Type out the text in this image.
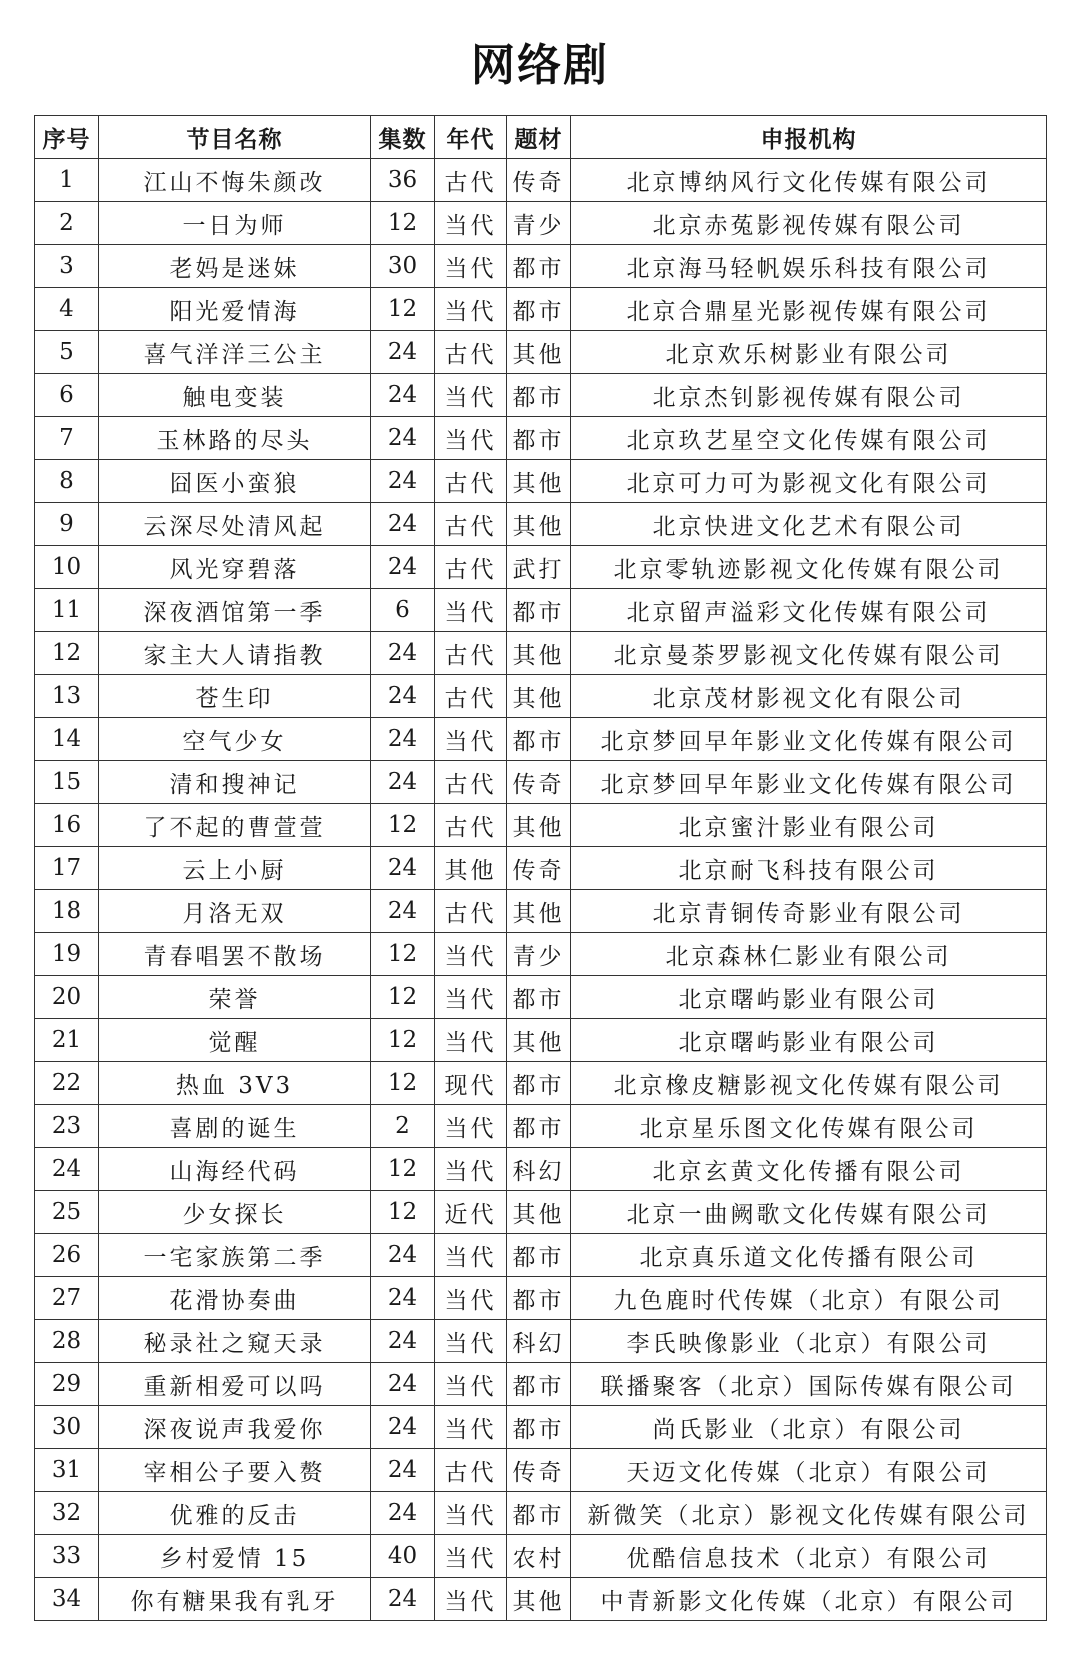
网络剧
序号	节目名称	集数	年代	题材	申报机构
1	江山不悔朱颜改	36	古代	传奇	北京博纳风行文化传媒有限公司
2	一日为师	12	当代	青少	北京赤菟影视传媒有限公司
3	老妈是迷妹	30	当代	都市	北京海马轻帆娱乐科技有限公司
4	阳光爱情海	12	当代	都市	北京合鼎星光影视传媒有限公司
5	喜气洋洋三公主	24	古代	其他	北京欢乐树影业有限公司
6	触电变装	24	当代	都市	北京杰钊影视传媒有限公司
7	玉林路的尽头	24	当代	都市	北京玖艺星空文化传媒有限公司
8	囧医小蛮狼	24	古代	其他	北京可力可为影视文化有限公司
9	云深尽处清风起	24	古代	其他	北京快进文化艺术有限公司
10	风光穿碧落	24	古代	武打	北京零轨迹影视文化传媒有限公司
11	深夜酒馆第一季	6	当代	都市	北京留声溢彩文化传媒有限公司
12	家主大人请指教	24	古代	其他	北京曼荼罗影视文化传媒有限公司
13	苍生印	24	古代	其他	北京茂材影视文化有限公司
14	空气少女	24	当代	都市	北京梦回早年影业文化传媒有限公司
15	清和搜神记	24	古代	传奇	北京梦回早年影业文化传媒有限公司
16	了不起的曹萱萱	12	古代	其他	北京蜜汁影业有限公司
17	云上小厨	24	其他	传奇	北京耐飞科技有限公司
18	月洛无双	24	古代	其他	北京青铜传奇影业有限公司
19	青春唱罢不散场	12	当代	青少	北京森林仁影业有限公司
20	荣誉	12	当代	都市	北京曙屿影业有限公司
21	觉醒	12	当代	其他	北京曙屿影业有限公司
22	热血 3V3	12	现代	都市	北京橡皮糖影视文化传媒有限公司
23	喜剧的诞生	2	当代	都市	北京星乐图文化传媒有限公司
24	山海经代码	12	当代	科幻	北京玄黄文化传播有限公司
25	少女探长	12	近代	其他	北京一曲阙歌文化传媒有限公司
26	一宅家族第二季	24	当代	都市	北京真乐道文化传播有限公司
27	花滑协奏曲	24	当代	都市	九色鹿时代传媒（北京）有限公司
28	秘录社之窥天录	24	当代	科幻	李氏映像影业（北京）有限公司
29	重新相爱可以吗	24	当代	都市	联播聚客（北京）国际传媒有限公司
30	深夜说声我爱你	24	当代	都市	尚氏影业（北京）有限公司
31	宰相公子要入赘	24	古代	传奇	天迈文化传媒（北京）有限公司
32	优雅的反击	24	当代	都市	新微笑（北京）影视文化传媒有限公司
33	乡村爱情 15	40	当代	农村	优酷信息技术（北京）有限公司
34	你有糖果我有乳牙	24	当代	其他	中青新影文化传媒（北京）有限公司
